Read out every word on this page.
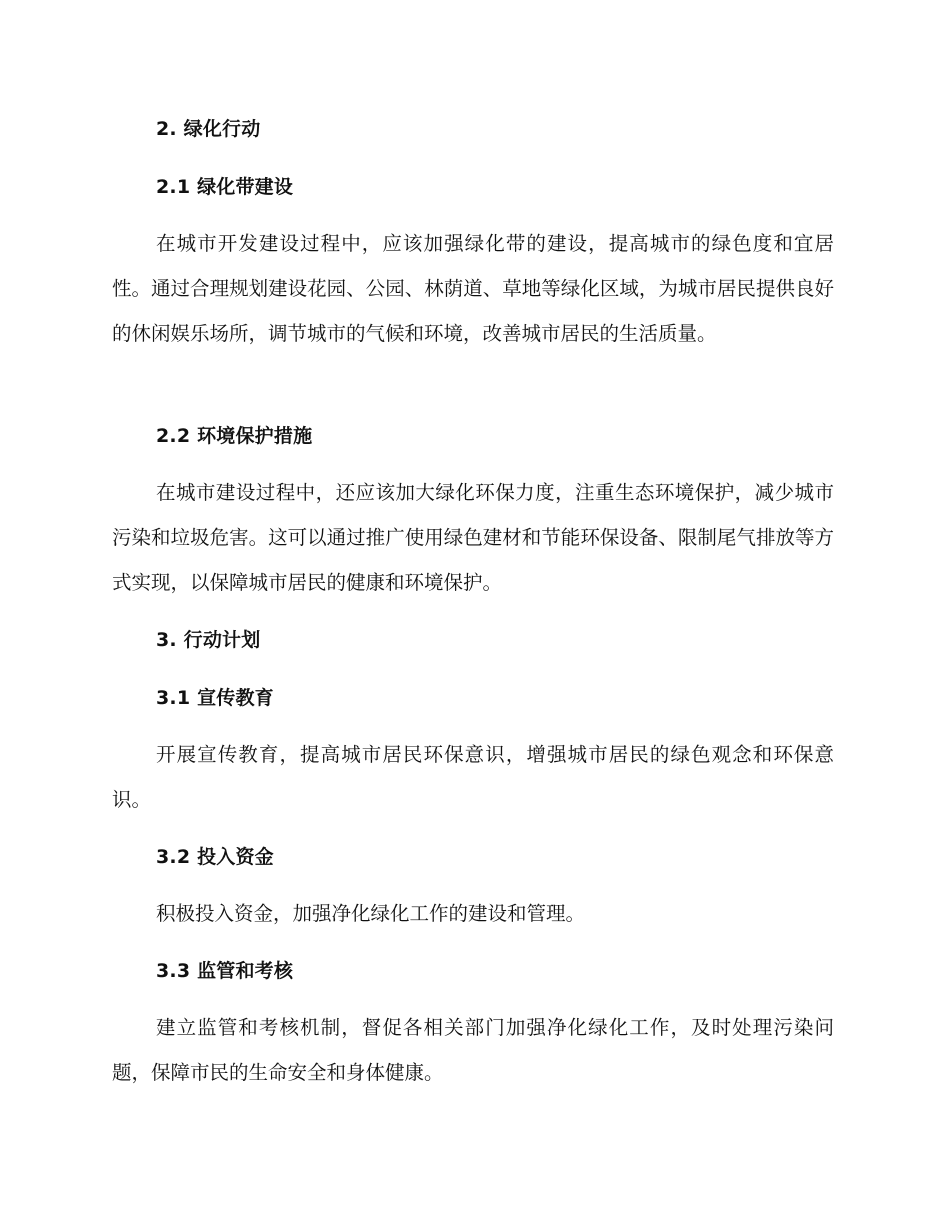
2. 绿化行动
2.1 绿化带建设

在城市开发建设过程中，应该加强绿化带的建设，提高城市的绿色度和宜居性。通过合理规划建设花园、公园、林荫道、草地等绿化区域，为城市居民提供良好的休闲娱乐场所，调节城市的气候和环境，改善城市居民的生活质量。

2.2 环境保护措施

在城市建设过程中，还应该加大绿化环保力度，注重生态环境保护，减少城市污染和垃圾危害。这可以通过推广使用绿色建材和节能环保设备、限制尾气排放等方式实现，以保障城市居民的健康和环境保护。

3. 行动计划
3.1 宣传教育

开展宣传教育，提高城市居民环保意识，增强城市居民的绿色观念和环保意识。

3.2 投入资金

积极投入资金，加强净化绿化工作的建设和管理。

3.3 监管和考核

建立监管和考核机制，督促各相关部门加强净化绿化工作，及时处理污染问题，保障市民的生命安全和身体健康。
